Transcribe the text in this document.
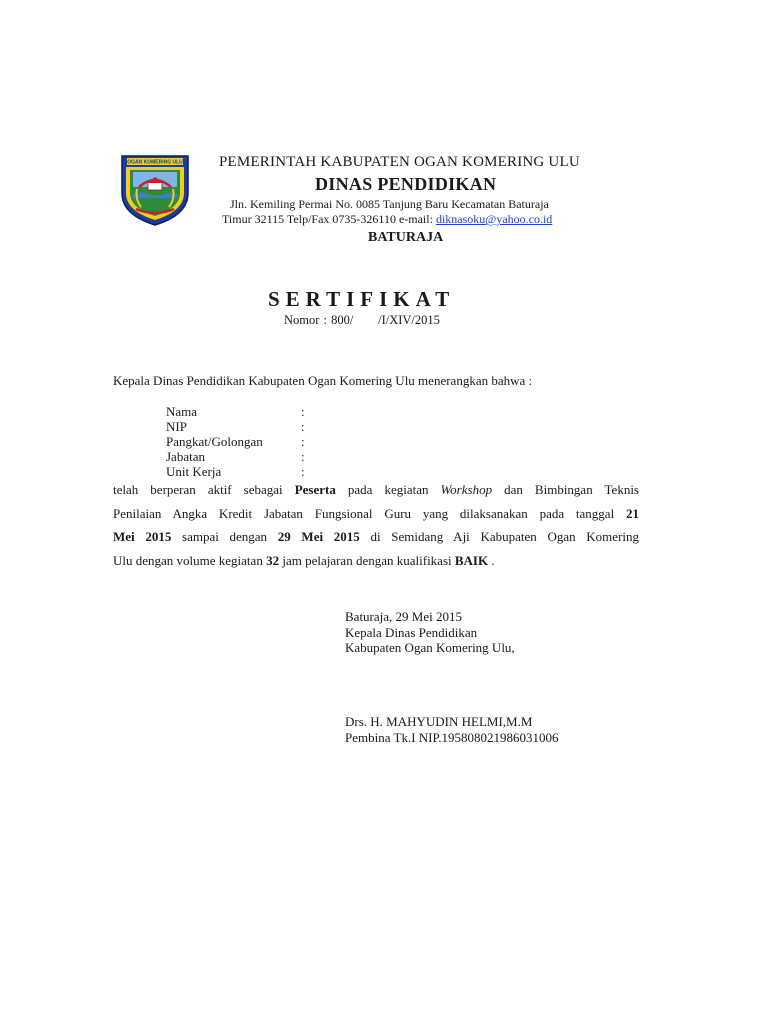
OGAN KOMERING ULU PEMERINTAH KABUPATEN OGAN KOMERING ULU
DINAS PENDIDIKAN
Jln. Kemiling Permai No. 0085 Tanjung Baru Kecamatan Baturaja
Timur 32115 Telp/Fax 0735-326110 e-mail: diknasoku@yahoo.co.id
BATURAJA
SERTIFIKAT
Nomor : 800/      /I/XIV/2015
Kepala Dinas Pendidikan Kabupaten Ogan Komering Ulu menerangkan bahwa :
Nama	:
NIP	:
Pangkat/Golongan	:
Jabatan	:
Unit Kerja	:
telah berperan aktif sebagai Peserta pada kegiatan Workshop dan Bimbingan Teknis
Penilaian Angka Kredit Jabatan Fungsional Guru yang dilaksanakan pada tanggal 21
Mei 2015 sampai dengan 29 Mei 2015 di Semidang Aji Kabupaten Ogan Komering
Ulu dengan volume kegiatan 32 jam pelajaran dengan kualifikasi BAIK .
Baturaja, 29 Mei 2015
Kepala Dinas Pendidikan
Kabupaten Ogan Komering Ulu,
Drs. H. MAHYUDIN HELMI,M.M
Pembina Tk.I NIP.195808021986031006
